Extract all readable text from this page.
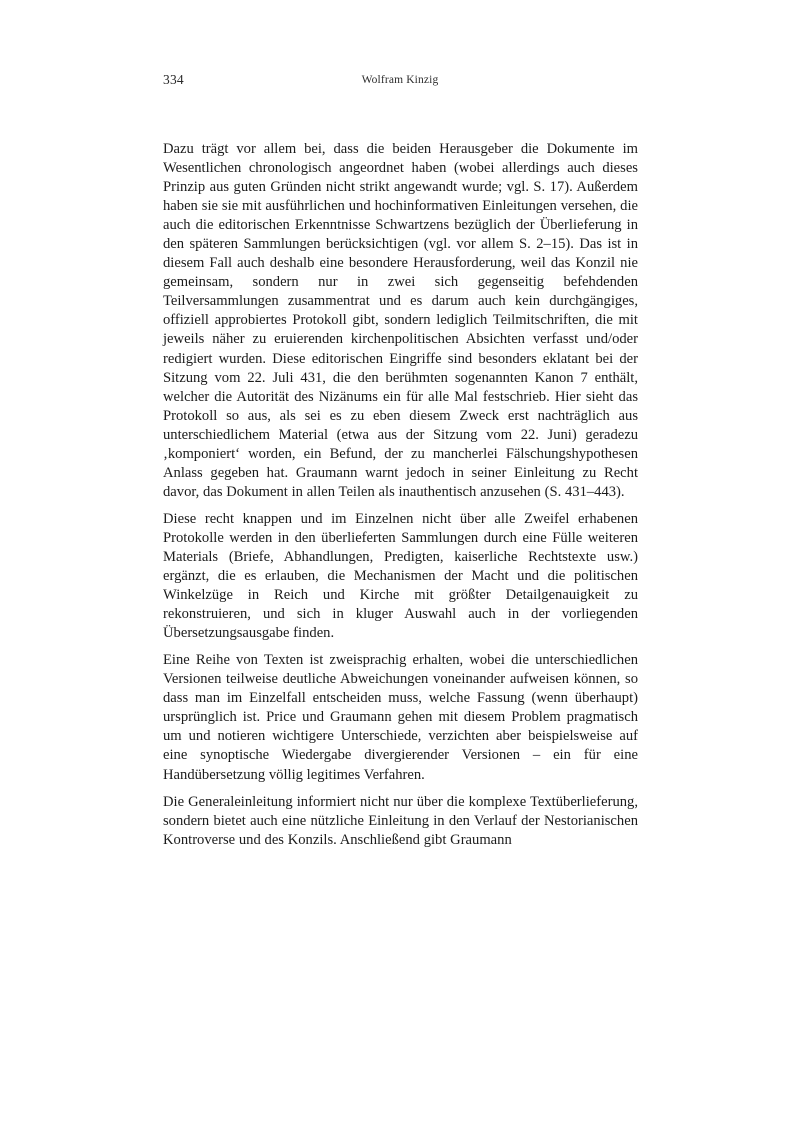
334	Wolfram Kinzig

Dazu trägt vor allem bei, dass die beiden Herausgeber die Dokumente im Wesentlichen chronologisch angeordnet haben (wobei allerdings auch dieses Prinzip aus guten Gründen nicht strikt angewandt wurde; vgl. S. 17). Außerdem haben sie sie mit ausführlichen und hochinformativen Einleitungen versehen, die auch die editorischen Erkenntnisse Schwartzens bezüglich der Überlieferung in den späteren Sammlungen berücksichtigen (vgl. vor allem S. 2–15). Das ist in diesem Fall auch deshalb eine besondere Herausforderung, weil das Konzil nie gemeinsam, sondern nur in zwei sich gegenseitig befehdenden Teilversammlungen zusammentrat und es darum auch kein durchgängiges, offiziell approbiertes Protokoll gibt, sondern lediglich Teilmitschriften, die mit jeweils näher zu eruierenden kirchenpolitischen Absichten verfasst und/oder redigiert wurden. Diese editorischen Eingriffe sind besonders eklatant bei der Sitzung vom 22. Juli 431, die den berühmten sogenannten Kanon 7 enthält, welcher die Autorität des Nizänums ein für alle Mal festschrieb. Hier sieht das Protokoll so aus, als sei es zu eben diesem Zweck erst nachträglich aus unterschiedlichem Material (etwa aus der Sitzung vom 22. Juni) geradezu ‚komponiert‘ worden, ein Befund, der zu mancherlei Fälschungshypothesen Anlass gegeben hat. Graumann warnt jedoch in seiner Einleitung zu Recht davor, das Dokument in allen Teilen als inauthentisch anzusehen (S. 431–443).

Diese recht knappen und im Einzelnen nicht über alle Zweifel erhabenen Protokolle werden in den überlieferten Sammlungen durch eine Fülle weiteren Materials (Briefe, Abhandlungen, Predigten, kaiserliche Rechtstexte usw.) ergänzt, die es erlauben, die Mechanismen der Macht und die politischen Winkelzüge in Reich und Kirche mit größter Detailgenauigkeit zu rekonstruieren, und sich in kluger Auswahl auch in der vorliegenden Übersetzungsausgabe finden.

Eine Reihe von Texten ist zweisprachig erhalten, wobei die unterschiedlichen Versionen teilweise deutliche Abweichungen voneinander aufweisen können, so dass man im Einzelfall entscheiden muss, welche Fassung (wenn überhaupt) ursprünglich ist. Price und Graumann gehen mit diesem Problem pragmatisch um und notieren wichtigere Unterschiede, verzichten aber beispielsweise auf eine synoptische Wiedergabe divergierender Versionen – ein für eine Handübersetzung völlig legitimes Verfahren.

Die Generaleinleitung informiert nicht nur über die komplexe Textüberlieferung, sondern bietet auch eine nützliche Einleitung in den Verlauf der Nestorianischen Kontroverse und des Konzils. Anschließend gibt Graumann
